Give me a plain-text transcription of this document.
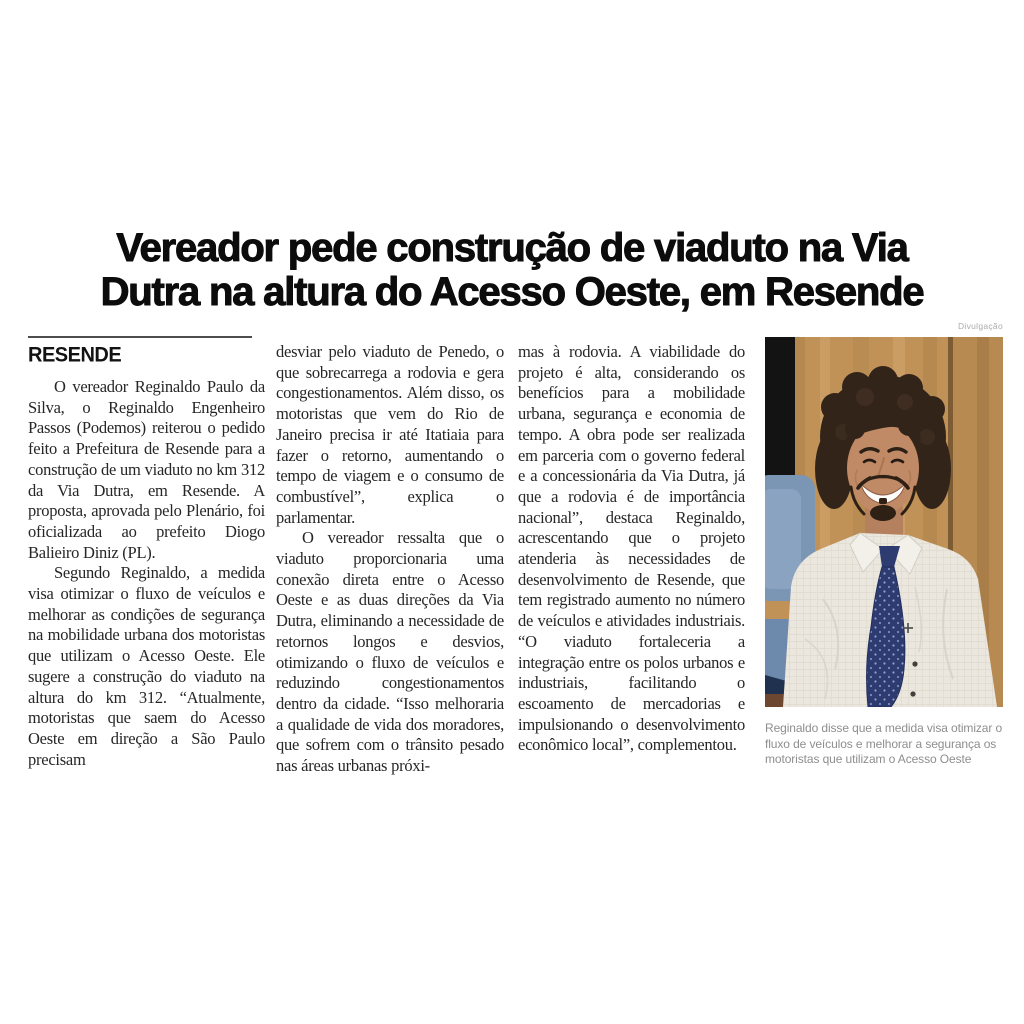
Vereador pede construção de viaduto na Via
Dutra na altura do Acesso Oeste, em Resende
RESENDE

O vereador Reginaldo Paulo da Silva, o Reginaldo Engenheiro Passos (Podemos) reiterou o pedido feito a Prefeitura de Resende para a construção de um viaduto no km 312 da Via Dutra, em Resende. A proposta, aprovada pelo Plenário, foi oficializada ao prefeito Diogo Balieiro Diniz (PL).

Segundo Reginaldo, a medida visa otimizar o fluxo de veículos e melhorar as condições de segurança na mobilidade urbana dos motoristas que utilizam o Acesso Oeste. Ele sugere a construção do viaduto na altura do km 312. “Atualmente, motoristas que saem do Acesso Oeste em direção a São Paulo precisam

desviar pelo viaduto de Penedo, o que sobrecarrega a rodovia e gera congestionamentos. Além disso, os motoristas que vem do Rio de Janeiro precisa ir até Itatiaia para fazer o retorno, aumentando o tempo de viagem e o consumo de combustível”, explica o parlamentar.

O vereador ressalta que o viaduto proporcionaria uma conexão direta entre o Acesso Oeste e as duas direções da Via Dutra, eliminando a necessidade de retornos longos e desvios, otimizando o fluxo de veículos e reduzindo congestionamentos dentro da cidade. “Isso melhoraria a qualidade de vida dos moradores, que sofrem com o trânsito pesado nas áreas urbanas próxi-

mas à rodovia. A viabilidade do projeto é alta, considerando os benefícios para a mobilidade urbana, segurança e economia de tempo. A obra pode ser realizada em parceria com o governo federal e a concessionária da Via Dutra, já que a rodovia é de importância nacional”, destaca Reginaldo, acrescentando que o projeto atenderia às necessidades de desenvolvimento de Resende, que tem registrado aumento no número de veículos e atividades industriais. “O viaduto fortaleceria a integração entre os polos urbanos e industriais, facilitando o escoamento de mercadorias e impulsionando o desenvolvimento econômico local”, complementou.

Divulgação
Reginaldo disse que a medida visa otimizar o fluxo de veículos e melhorar a segurança os motoristas que utilizam o Acesso Oeste
